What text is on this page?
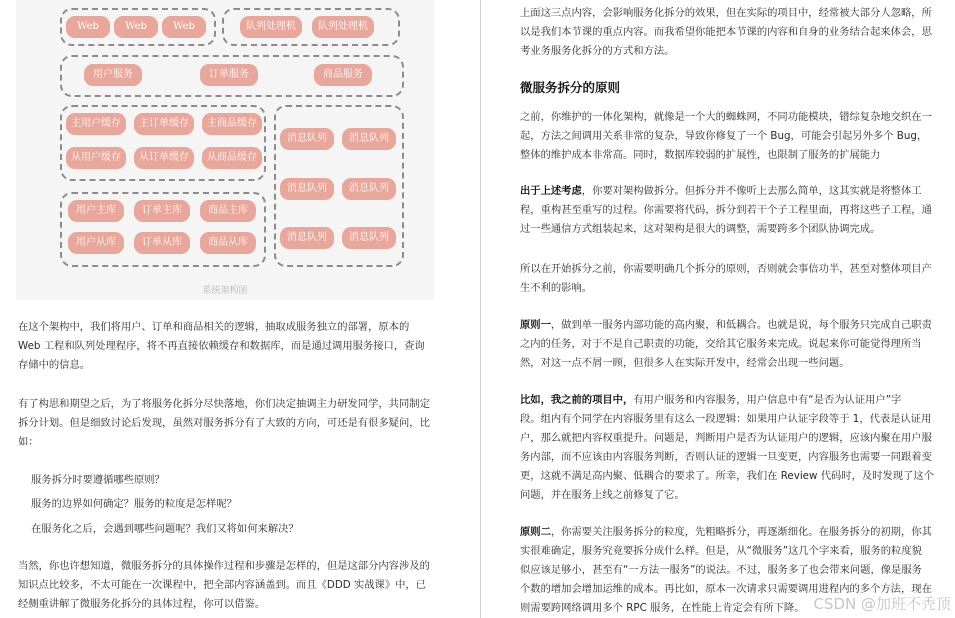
Web	Web	Web	队列处理机	队列处理机
用户服务	订单服务	商品服务
主用户缓存	主订单缓存	主商品缓存
从用户缓存	从订单缓存	从商品缓存
用户主库	订单主库	商品主库
用户从库	订单从库	商品从库
消息队列	消息队列
消息队列	消息队列
消息队列	消息队列
系统架构图
在这个架构中，我们将用户、订单和商品相关的逻辑，抽取成服务独立的部署，原本的
Web 工程和队列处理程序，将不再直接依赖缓存和数据库，而是通过调用服务接口，查询
存储中的信息。
有了构思和期望之后，为了将服务化拆分尽快落地，你们决定抽调主力研发同学，共同制定
拆分计划。但是细致讨论后发现，虽然对服务拆分有了大致的方向，可还是有很多疑问，比
如：
服务拆分时要遵循哪些原则？
服务的边界如何确定？服务的粒度是怎样呢？
在服务化之后，会遇到哪些问题呢？我们又将如何来解决？
当然，你也许想知道，微服务拆分的具体操作过程和步骤是怎样的，但是这部分内容涉及的
知识点比较多，不太可能在一次课程中，把全部内容涵盖到。而且《DDD 实战课》中，已
经侧重讲解了微服务化拆分的具体过程，你可以借鉴。
上面这三点内容，会影响服务化拆分的效果，但在实际的项目中，经常被大部分人忽略，所
以是我们本节课的重点内容。而我希望你能把本节课的内容和自身的业务结合起来体会，思
考业务服务化拆分的方式和方法。
微服务拆分的原则
之前，你维护的一体化架构，就像是一个大的蜘蛛网，不同功能模块，错综复杂地交织在一
起，方法之间调用关系非常的复杂，导致你修复了一个 Bug，可能会引起另外多个 Bug，
整体的维护成本非常高。同时，数据库较弱的扩展性，也限制了服务的扩展能力
出于上述考虑，你要对架构做拆分。但拆分并不像听上去那么简单，这其实就是将整体工
程，重构甚至重写的过程。你需要将代码，拆分到若干个子工程里面，再将这些子工程，通
过一些通信方式组装起来，这对架构是很大的调整，需要跨多个团队协调完成。
所以在开始拆分之前，你需要明确几个拆分的原则，否则就会事倍功半，甚至对整体项目产
生不利的影响。
原则一，做到单一服务内部功能的高内聚，和低耦合。也就是说，每个服务只完成自己职责
之内的任务，对于不是自己职责的功能，交给其它服务来完成。说起来你可能觉得理所当
然，对这一点不屑一顾，但很多人在实际开发中，经常会出现一些问题。
比如，我之前的项目中，有用户服务和内容服务，用户信息中有“是否为认证用户”字
段。组内有个同学在内容服务里有这么一段逻辑：如果用户认证字段等于 1，代表是认证用
户，那么就把内容权重提升。问题是，判断用户是否为认证用户的逻辑，应该内聚在用户服
务内部，而不应该由内容服务判断，否则认证的逻辑一旦变更，内容服务也需要一同跟着变
更，这就不满足高内聚、低耦合的要求了。所幸，我们在 Review 代码时，及时发现了这个
问题，并在服务上线之前修复了它。
原则二，你需要关注服务拆分的粒度，先粗略拆分，再逐渐细化。在服务拆分的初期，你其
实很难确定，服务究竟要拆分成什么样。但是，从“微服务”这几个字来看，服务的粒度貌
似应该足够小，甚至有“一方法一服务”的说法。不过，服务多了也会带来问题，像是服务
个数的增加会增加运维的成本。再比如，原本一次请求只需要调用进程内的多个方法，现在
则需要跨网络调用多个 RPC 服务，在性能上肯定会有所下降。 CSDN @加班不秃顶
